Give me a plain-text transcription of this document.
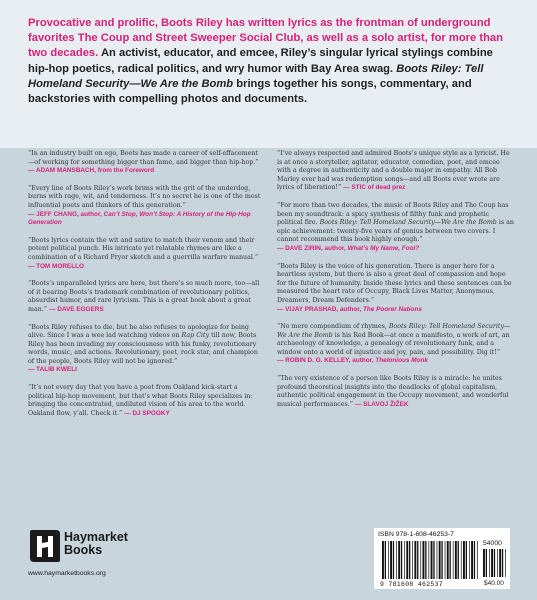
Provocative and prolific, Boots Riley has written lyrics as the frontman of underground favorites The Coup and Street Sweeper Social Club, as well as a solo artist, for more than two decades. An activist, educator, and emcee, Riley’s singular lyrical stylings combine hip-hop poetics, radical politics, and wry humor with Bay Area swag. Boots Riley: Tell Homeland Security—We Are the Bomb brings together his songs, commentary, and backstories with compelling photos and documents.
“In an industry built on ego, Boots has made a career of self-effacement—of working for something bigger than fame, and bigger than hip-hop.” — ADAM MANSBACH, from the Foreword
“Every line of Boots Riley’s work brims with the grit of the underdog, burns with rage, wit, and tenderness. It’s no secret he is one of the most influential poets and thinkers of this generation.”
— JEFF CHANG, author, Can’t Stop, Won’t Stop: A History of the Hip-Hop Generation
“Boots lyrics contain the wit and satire to match their venom and their potent political punch. His intricate yet relatable rhymes are like a combination of a Richard Pryor sketch and a guerrilla warfare manual.”
— TOM MORELLO
“Boots’s unparalleled lyrics are here, but there’s so much more, too—all of it bearing Boots’s trademark combination of revolutionary politics, absurdist humor, and rare lyricism. This is a great book about a great man.” — DAVE EGGERS
“Boots Riley refuses to die, but he also refuses to apologize for being alive. Since I was a wee lad watching videos on Rap City till now, Boots Riley has been invading my consciousness with his funky, revolutionary words, music, and actions. Revolutionary, poet, rock star, and champion of the people, Boots Riley will not be ignored.”
— TALIB KWELI
“It’s not every day that you have a poet from Oakland kick-start a political hip-hop movement, but that’s what Boots Riley specializes in: bringing the concentrated, undiluted vision of his area to the world. Oakland flow, y’all. Check it.” — DJ SPOOKY
“I’ve always respected and admired Boots’s unique style as a lyricist. He is at once a storyteller, agitator, educator, comedian, poet, and emcee with a degree in authenticity and a double major in empathy. All Bob Marley ever had was redemption songs—and all Boots ever wrote are lyrics of liberation!” — STIC of dead prez
“For more than two decades, the music of Boots Riley and The Coup has been my soundtrack: a spicy synthesis of filthy funk and prophetic political fire. Boots Riley: Tell Homeland Security—We Are the Bomb is an epic achievement: twenty-five years of genius between two covers. I cannot recommend this book highly enough.”
— DAVE ZIRIN, author, What’s My Name, Fool?
“Boots Riley is the voice of his generation. There is anger here for a heartless system, but there is also a great deal of compassion and hope for the future of humanity. Inside these lyrics and these sentences can be measured the heart rate of Occupy, Black Lives Matter, Anonymous, Dreamers, Dream Defenders.”
— VIJAY PRASHAD, author, The Poorer Nations
“No mere compendium of rhymes, Boots Riley: Tell Homeland Security—We Are the Bomb is his Red Book—at once a manifesto, a work of art, an archaeology of knowledge, a genealogy of revolutionary funk, and a window onto a world of injustice and joy, pain, and possibility. Dig it!”
— ROBIN D. G. KELLEY, author, Thelonious Monk
“The very existence of a person like Boots Riley is a miracle: he unites profound theoretical insights into the deadlocks of global capitalism, authentic political engagement in the Occupy movement, and wonderful musical performances.” — SLAVOJ ŽIŽEK
Haymarket
Books
www.haymarketbooks.org
ISBN 978-1-608-46253-7
54000
9 781608 462537	$40.00
